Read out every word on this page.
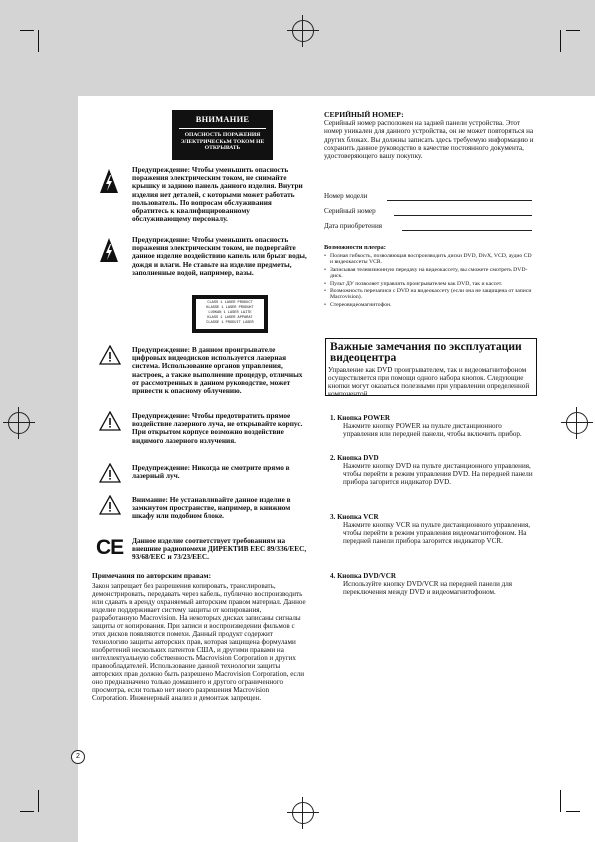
ВНИМАНИЕ
ОПАСНОСТЬ ПОРАЖЕНИЯ ЭЛЕКТРИЧЕСКьМ ТОКОМ НЕ ОТКРЫВАТЬ
CE
Предупреждение: Чтобы уменьшить опасность поражения электрическим током, не снимайте крышку и заднюю панель данного изделия. Внутри изделия нет деталей, с которыми может работать пользователь. По вопросам обслуживания обратитесь к квалифицированному обслуживающему персоналу.
Предупреждение: Чтобы уменьшить опасность поражения электрическим током, не подвергайте данное изделие воздействию капель или брызг воды, дождя и влаги. Не ставьте на изделие предметы, заполненные водой, например, вазы.
CLASS 1 LASER PRODUCT
KLASSE 1 LASER PRODUKT
LUOKAN 1 LASER LAITE
KLASS 1 LASER APPARAT
CLASSE 1 PRODUIT LASER
Предупреждение: В данном проигрывателе цифровых видеодисков используется лазерная система. Использование органов управления, настроек, а также выполнение процедур, отличных от рассмотренных в данном руководстве, может привести к опасному облучению.
Предупреждение: Чтобы предотвратить прямое воздействие лазерного луча, не открывайте корпус. При открытом корпусе возможно воздействие видимого лазерного излучения.
Предупреждение: Никогда не смотрите прямо в лазерный луч.
Внимание: Не устанавливайте данное изделие в замкнутом пространстве, например, в книжном шкафу или подобном блоке.
Данное изделие соответствует требованиям на внешние радиопомехи ДИРЕКТИВ ЕЕС 89/336/ЕЕС, 93/68/ЕЕС и 73/23/ЕЕС.
Примечания по авторским правам:
Закон запрещает без разрешения копировать, транслировать, демонстрировать, передавать через кабель, публично воспроизводить или сдавать в аренду охраняемый авторским правом материал. Данное изделие поддерживает систему защиты от копирования, разработанную Macrovision. На некоторых дисках записаны сигналы защиты от копирования. При записи и воспроизведении фильмов с этих дисков появляются помехи. Данный продукт содержит технологию защиты авторских прав, которая защищена формулами изобретений нескольких патентов США, и другими правами на интеллектуальную собственность Macrovision Corporation и других правообладателей. Использование данной технологии защиты авторских прав должно быть разрешено Macrovision Corporation, если оно предназначено только домашнего и другого ограниченного просмотра, если только нет иного разрешения Macrovision Corporation. Инженерный анализ и демонтаж запрещен.
СЕРИЙНЫЙ НОМЕР:
Серийный номер расположен на задней панели устройства. Этот номер уникален для данного устройства, он не может повторяться на других блоках. Вы должны записать здесь требуемую информацию и сохранить данное руководство в качестве постоянного документа, удостоверяющего вашу покупку.
Номер модели
Серийный номер
Дата приобретения
Возможности плеера:
• Полная гибкость, позволяющая воспроизводить диски DVD, DivX, VCD, аудио CD и видеокассеты VCR.
• Записывая телевизионную передачу на видеокассету, вы сможете смотреть DVD-диск.
• Пульт ДУ позволяет управлять проигрывателем как DVD, так и кассет.
• Возможность перезаписи с DVD на видеокассету (если она не защищена от записи Macrovision).
• Стереовидеомагнитофон.
Важные замечания по эксплуатации видеоцентра
Управление как DVD проигрывателем, так и видеомагнитофоном осуществляется при помощи одного набора кнопок. Следующие кнопки могут оказаться полезными при управлении определенной компонентой.
1. Кнопка POWER
Нажмите кнопку POWER на пульте дистанционного управления или передней панели, чтобы включить прибор.
2. Кнопка DVD
Нажмите кнопку DVD на пульте дистанционного управления, чтобы перейти в режим управления DVD. На передней панели прибора загорится индикатор DVD.
3. Кнопка VCR
Нажмите кнопку VCR на пульте дистанционного управления, чтобы перейти в режим управления видеомагнитофоном. На передней панели прибора загорится индикатор VCR.
4. Кнопка DVD/VCR
Используйте кнопку DVD/VCR на передней панели для переключения между DVD и видеомагнитофоном.
2
